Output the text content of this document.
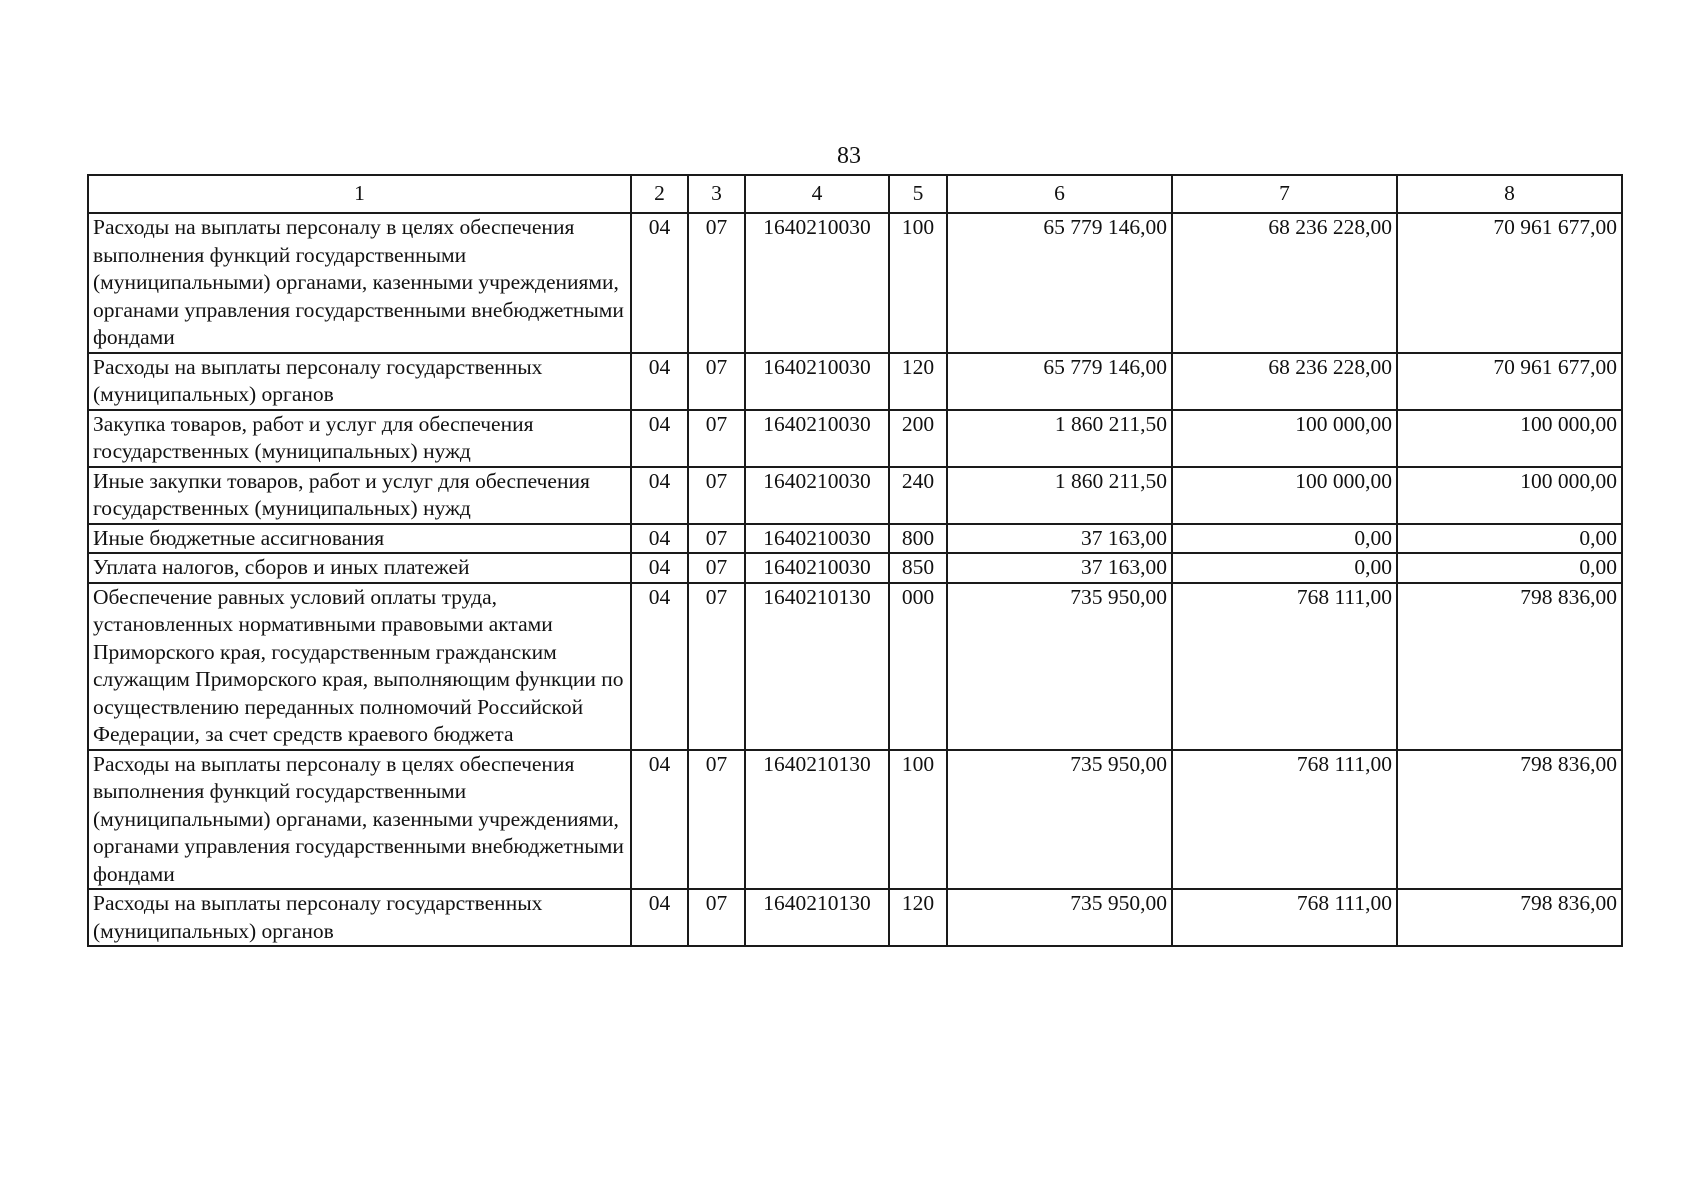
83
1	2	3	4	5	6	7	8
Расходы на выплаты персоналу в целях обеспечения выполнения функций государственными (муниципальными) органами, казенными учреждениями, органами управления государственными внебюджетными фондами	04	07	1640210030	100	65 779 146,00	68 236 228,00	70 961 677,00
Расходы на выплаты персоналу государственных (муниципальных) органов	04	07	1640210030	120	65 779 146,00	68 236 228,00	70 961 677,00
Закупка товаров, работ и услуг для обеспечения государственных (муниципальных) нужд	04	07	1640210030	200	1 860 211,50	100 000,00	100 000,00
Иные закупки товаров, работ и услуг для обеспечения государственных (муниципальных) нужд	04	07	1640210030	240	1 860 211,50	100 000,00	100 000,00
Иные бюджетные ассигнования	04	07	1640210030	800	37 163,00	0,00	0,00
Уплата налогов, сборов и иных платежей	04	07	1640210030	850	37 163,00	0,00	0,00
Обеспечение равных условий оплаты труда, установленных нормативными правовыми актами Приморского края, государственным гражданским служащим Приморского края, выполняющим функции по осуществлению переданных полномочий Российской Федерации, за счет средств краевого бюджета	04	07	1640210130	000	735 950,00	768 111,00	798 836,00
Расходы на выплаты персоналу в целях обеспечения выполнения функций государственными (муниципальными) органами, казенными учреждениями, органами управления государственными внебюджетными фондами	04	07	1640210130	100	735 950,00	768 111,00	798 836,00
Расходы на выплаты персоналу государственных (муниципальных) органов	04	07	1640210130	120	735 950,00	768 111,00	798 836,00
